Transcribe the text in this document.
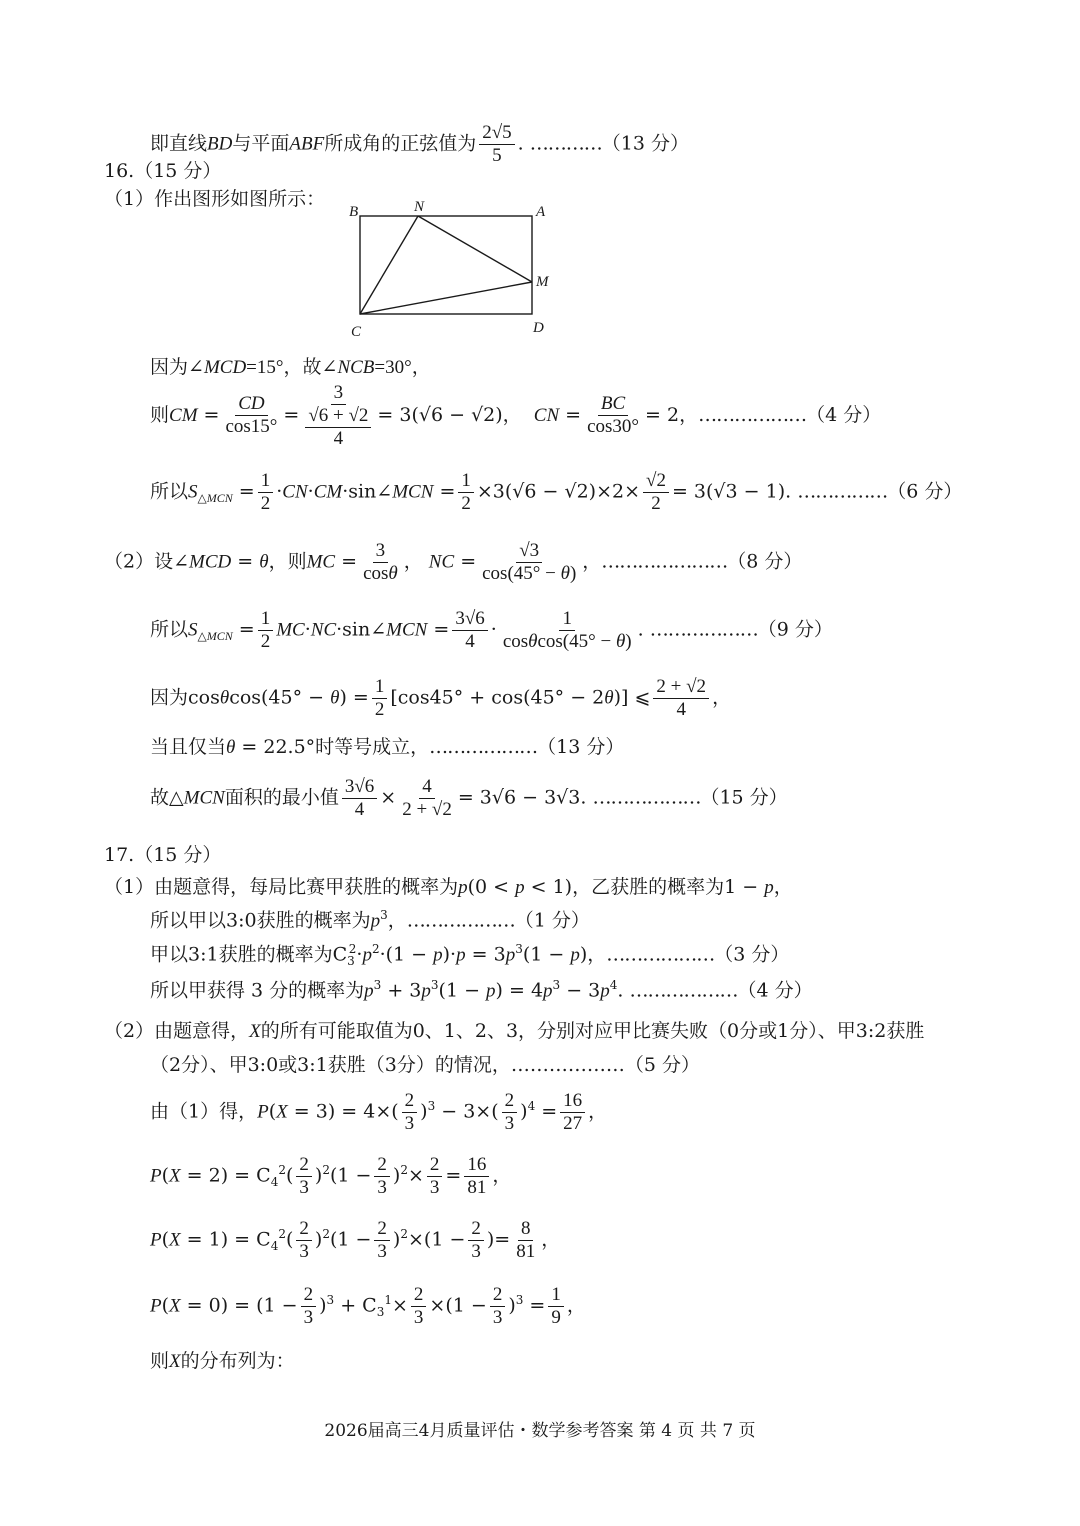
即直线BD与平面ABF所成角的正弦值为 $\frac{2√5}{5}$ . …………（13 分）
16.（15 分）
（1）作出图形如图所示：
B	N	A
M
C	D
因为∠MCD=15°，故∠NCB=30°，
则CM = $\frac{CD}{\cos 15^\circ} = 3$
√6 + √2
4 = 3(√6 − √2)，  CN = $\frac{BC}{\cos 30^\circ} = 2$，………………（4 分）
所以$S_{\triangle MCN} = \frac{1}{2}$ ·CN·CM·sin∠MCN = $\frac{1}{2} \times 3(√6 - √2)\times 2\times \frac{√2}{2} = 3(√3 - 1)$. ……………（6 分）
（2）设∠MCD = θ，则MC = $\frac{3}{\cos\theta}$ ， NC = $\frac{√3}{\cos(45^\circ - \theta)}$ ，…………………（8 分）
所以$S_{\triangle MCN} = \frac{1}{2}$ MC·NC·sin∠MCN = $\frac{3√6}{4} \cdot \frac{1}{\cos\theta\cos(45^\circ - \theta)}$ . ………………（9 分）
因为$\cos\theta\cos(45^\circ - \theta) = \frac{1}{2} [\cos 45^\circ + \cos(45^\circ - 2\theta)]$ ⩽ $\frac{2 + √2}{4}$ ，
当且仅当θ = 22.5°时等号成立，………………（13 分）
故△MCN面积的最小值 $\frac{3√6}{4} \times \frac{4}{2 + √2} = 3√6 - 3√3$. ………………（15 分）
17.（15 分）
（1）由题意得，每局比赛甲获胜的概率为p(0 < p < 1)，乙获胜的概率为1 − p，
所以甲以3:0获胜的概率为$p^3$，………………（1 分）
甲以3:1获胜的概率为$C_3^2\cdot p^2\cdot(1 - p)\cdot p = 3p^3(1 - p)$，………………（3 分）
所以甲获得 3 分的概率为$p^3 + 3p^3(1 - p) = 4p^3 - 3p^4$. ………………（4 分）
（2）由题意得，X的所有可能取值为0、1、2、3，分别对应甲比赛失败（0分或1分）、甲3:2获胜
（2分）、甲3:0或3:1获胜（3分）的情况，………………（5 分）
由（1）得，$P(X = 3) = 4\times( \frac{2}{3} )^3 - 3\times( \frac{2}{3} )^4 = \frac{16}{27}$ ，
$P(X = 2) = C_4^2( \frac{2}{3} )^2(1 - \frac{2}{3} )^2\times \frac{2}{3} = \frac{16}{81}$ ，
$P(X = 1) = C_4^2( \frac{2}{3} )^2(1 - \frac{2}{3} )^2\times(1 - \frac{2}{3}$ )= $\frac{8}{81}$ ，
$P(X = 0) = (1 - \frac{2}{3} )^3 + C_3^1\times \frac{2}{3} \times(1 - \frac{2}{3} )^3 = \frac{1}{9}$ ，
则X的分布列为：
2026届高三4月质量评估・数学参考答案 第 4 页 共 7 页
